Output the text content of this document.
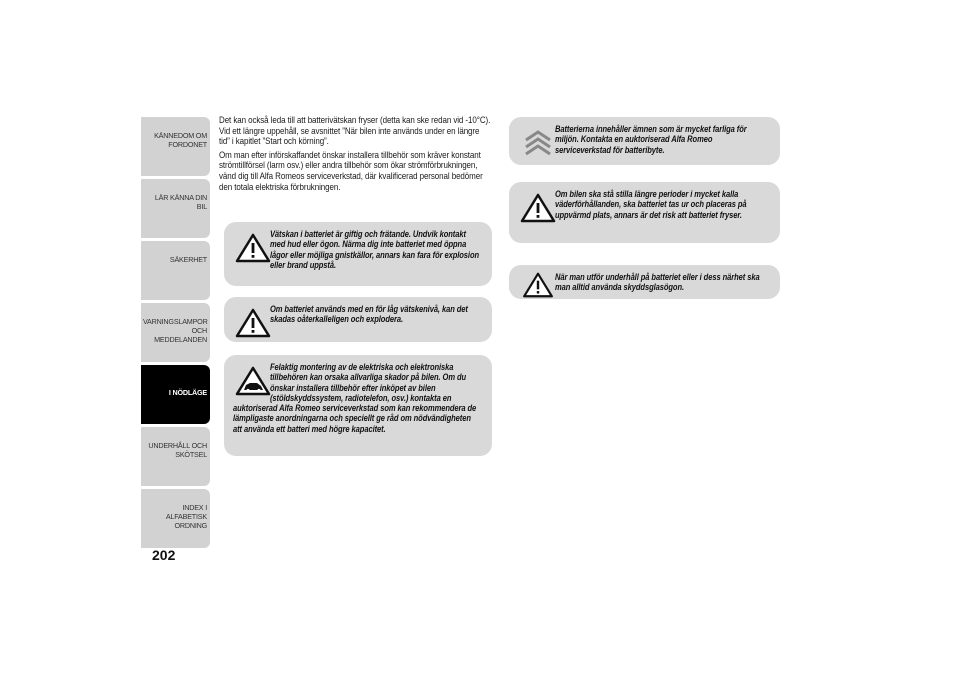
KÄNNEDOM OM FORDONET
LÄR KÄNNA DIN BIL
SÄKERHET
VARNINGSLAMPOR OCH MEDDELANDEN
I NÖDLÄGE
UNDERHÅLL OCH SKÖTSEL
INDEX I ALFABETISK ORDNING
202

Det kan också leda till att batterivätskan fryser (detta kan ske redan vid -10°C). Vid ett längre uppehåll, se avsnittet ”När bilen inte används under en längre tid” i kapitlet ”Start och körning”.

Om man efter införskaffandet önskar installera tillbehör som kräver konstant strömtillförsel (larm osv.) eller andra tillbehör som ökar strömförbrukningen, vänd dig till Alfa Romeos serviceverkstad, där kvalificerad personal bedömer den totala elektriska förbrukningen.

Vätskan i batteriet är giftig och frätande. Undvik kontakt med hud eller ögon. Närma dig inte batteriet med öppna lågor eller möjliga gnistkällor, annars kan fara för explosion eller brand uppstå.
Om batteriet används med en för låg vätskenivå, kan det skadas oåterkalleligen och explodera.
Felaktig montering av de elektriska och elektroniska tillbehören kan orsaka allvarliga skador på bilen. Om du önskar installera tillbehör efter inköpet av bilen (stöldskyddssystem, radiotelefon, osv.) kontakta en auktoriserad Alfa Romeo serviceverkstad som kan rekommendera de lämpligaste anordningarna och speciellt ge råd om nödvändigheten att använda ett batteri med högre kapacitet.
Batterierna innehåller ämnen som är mycket farliga för miljön. Kontakta en auktoriserad Alfa Romeo serviceverkstad för batteribyte.
Om bilen ska stå stilla längre perioder i mycket kalla väderförhållanden, ska batteriet tas ur och placeras på uppvärmd plats, annars är det risk att batteriet fryser.
När man utför underhåll på batteriet eller i dess närhet ska man alltid använda skyddsglasögon.
